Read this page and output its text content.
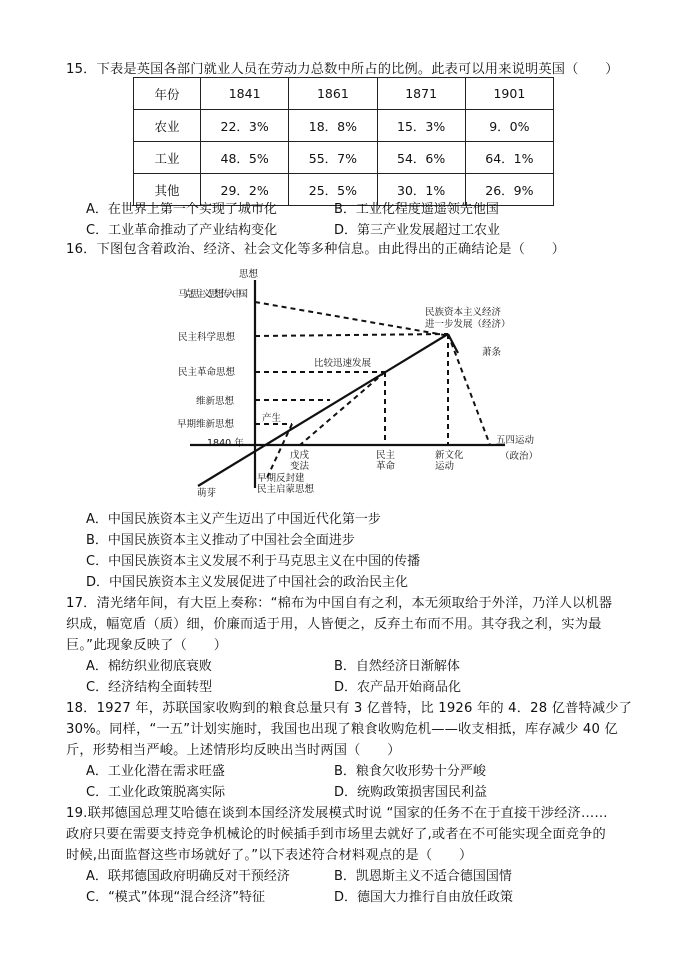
15．下表是英国各部门就业人员在劳动力总数中所占的比例。此表可以用来说明英国（　　）
年份	1841	1861	1871	1901
农业	22．3%	18．8%	15．3%	9．0%
工业	48．5%	55．7%	54．6%	64．1%
其他	29．2%	25．5%	30．1%	26．9%
A．在世界上第一个实现了城市化	B．工业化程度遥遥领先他国
C．工业革命推动了产业结构变化	D．第三产业发展超过工农业
16．下图包含着政治、经济、社会文化等多种信息。由此得出的正确结论是（　　）
思想
马克思主义思想传入中国
民主科学思想
民主革命思想
维新思想
早期维新思想
1840 年
萌芽
产生
比较迅速发展
民族资本主义经济
进一步发展（经济）
萧条
早期反封建
民主启蒙思想
戊戌
变法
民主
革命
新文化
运动
五四运动
（政治）
A．中国民族资本主义产生迈出了中国近代化第一步
B．中国民族资本主义推动了中国社会全面进步
C．中国民族资本主义发展不利于马克思主义在中国的传播
D．中国民族资本主义发展促进了中国社会的政治民主化
17．清光绪年间，有大臣上奏称：“棉布为中国自有之利，本无须取给于外洋，乃洋人以机器
织成，幅宽盾（质）细，价廉而适于用，人皆便之，反弃土布而不用。其夺我之利，实为最
巨。”此现象反映了（　　）
A．棉纺织业彻底衰败	B．自然经济日渐解体
C．经济结构全面转型	D．农产品开始商品化
18．1927 年，苏联国家收购到的粮食总量只有 3 亿普特，比 1926 年的 4．28 亿普特减少了
30%。同样，“一五”计划实施时，我国也出现了粮食收购危机——收支相抵，库存减少 40 亿
斤，形势相当严峻。上述情形均反映出当时两国（　　）
A．工业化潜在需求旺盛	B．粮食欠收形势十分严峻
C．工业化政策脱离实际	D．统购政策损害国民利益
19.联邦德国总理艾哈德在谈到本国经济发展模式时说 “国家的任务不在于直接干涉经济……
政府只要在需要支持竞争机械论的时候插手到市场里去就好了,或者在不可能实现全面竞争的
时候,出面监督这些市场就好了。”以下表述符合材料观点的是（　　）
A．联邦德国政府明确反对干预经济	B．凯恩斯主义不适合德国国情
C．“模式”体现“混合经济”特征	D．德国大力推行自由放任政策
